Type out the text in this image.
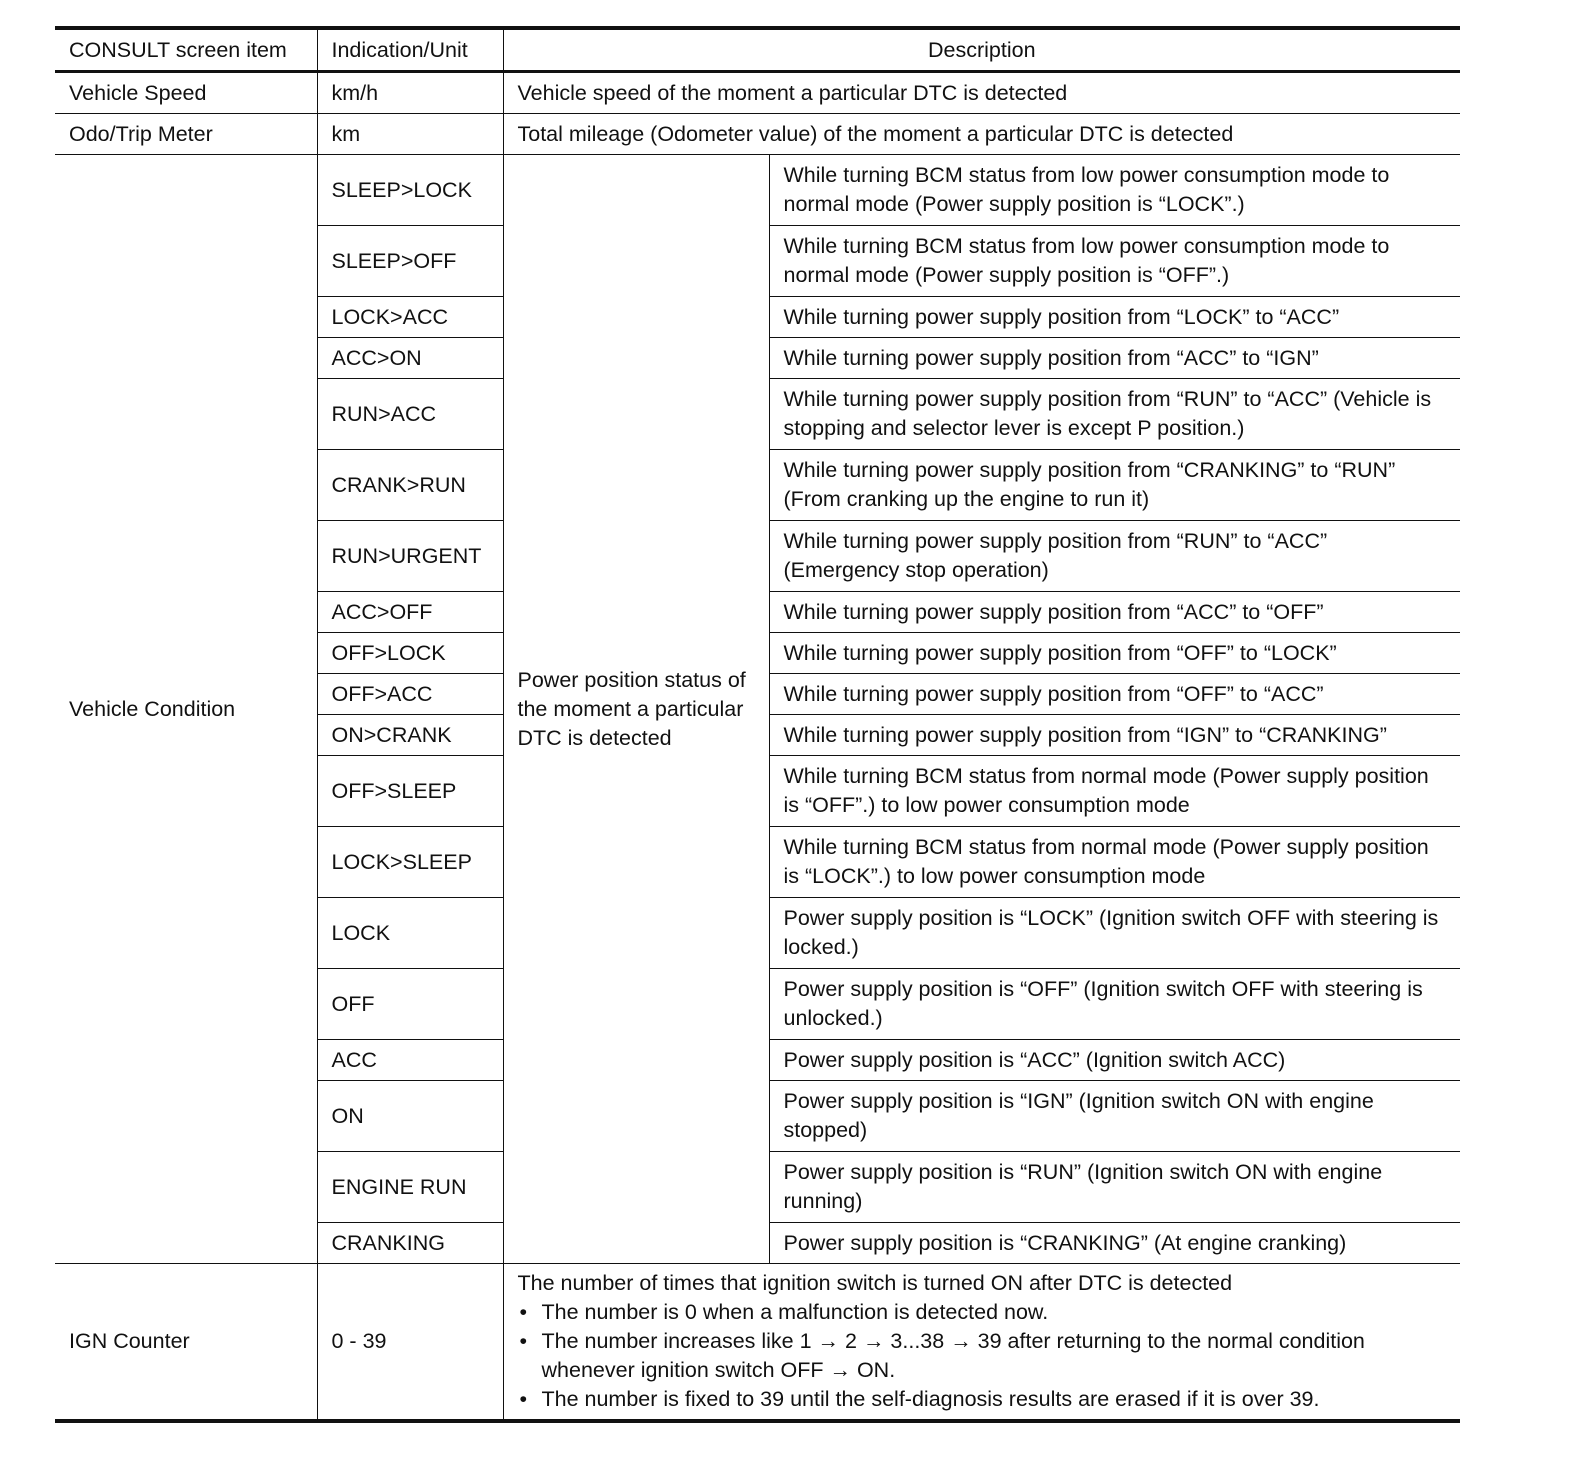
CONSULT screen item	Indication/Unit	Description	
Vehicle Speed	km/h	Vehicle speed of the moment a particular DTC is detected	
Odo/Trip Meter	km	Total mileage (Odometer value) of the moment a particular DTC is detected	
Vehicle Condition	SLEEP>LOCK	Power position status of the moment a particular DTC is detected	While turning BCM status from low power consumption mode to normal mode (Power supply position is “LOCK”.)
	SLEEP>OFF		While turning BCM status from low power consumption mode to normal mode (Power supply position is “OFF”.)
	LOCK>ACC		While turning power supply position from “LOCK” to “ACC”
	ACC>ON		While turning power supply position from “ACC” to “IGN”
	RUN>ACC		While turning power supply position from “RUN” to “ACC” (Vehicle is stopping and selector lever is except P position.)
	CRANK>RUN		While turning power supply position from “CRANKING” to “RUN” (From cranking up the engine to run it)
	RUN>URGENT		While turning power supply position from “RUN” to “ACC” (Emergency stop operation)
	ACC>OFF		While turning power supply position from “ACC” to “OFF”
	OFF>LOCK		While turning power supply position from “OFF” to “LOCK”
	OFF>ACC		While turning power supply position from “OFF” to “ACC”
	ON>CRANK		While turning power supply position from “IGN” to “CRANKING”
	OFF>SLEEP		While turning BCM status from normal mode (Power supply position is “OFF”.) to low power consumption mode
	LOCK>SLEEP		While turning BCM status from normal mode (Power supply position is “LOCK”.) to low power consumption mode
	LOCK		Power supply position is “LOCK” (Ignition switch OFF with steering is locked.)
	OFF		Power supply position is “OFF” (Ignition switch OFF with steering is unlocked.)
	ACC		Power supply position is “ACC” (Ignition switch ACC)
	ON		Power supply position is “IGN” (Ignition switch ON with engine stopped)
	ENGINE RUN		Power supply position is “RUN” (Ignition switch ON with engine running)
	CRANKING		Power supply position is “CRANKING” (At engine cranking)
IGN Counter	0 - 39	The number of times that ignition switch is turned ON after DTC is detected
• The number is 0 when a malfunction is detected now.
• The number increases like 1 → 2 → 3...38 → 39 after returning to the normal condition whenever ignition switch OFF → ON.
• The number is fixed to 39 until the self-diagnosis results are erased if it is over 39.
